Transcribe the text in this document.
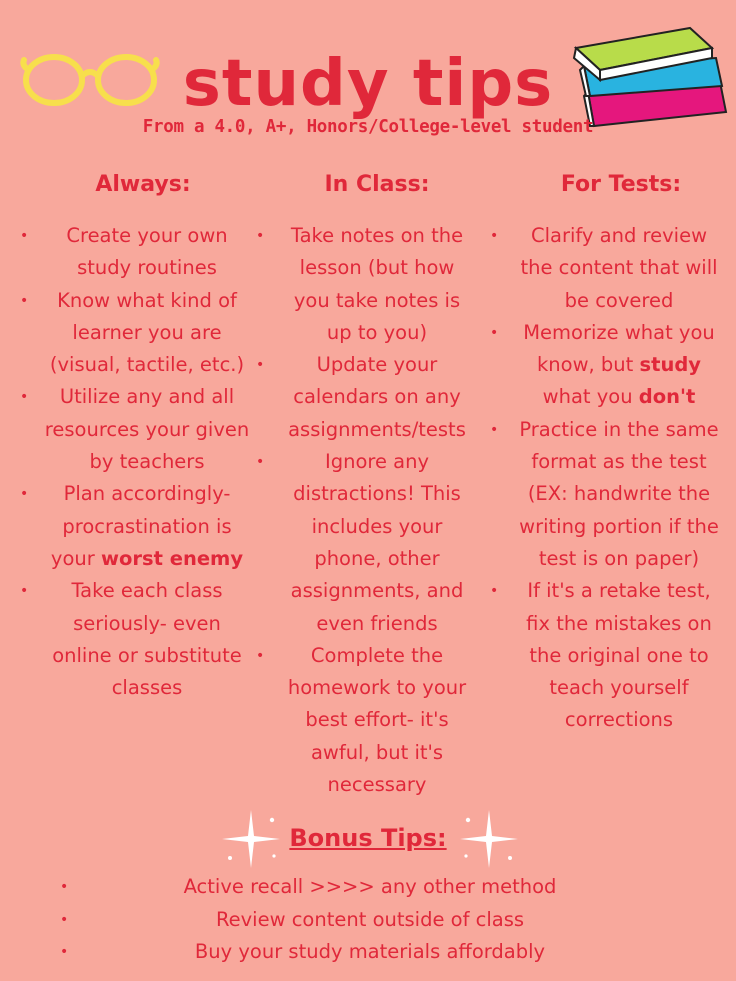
study tips
From a 4.0, A+, Honors/College-level student
Always:	In Class:	For Tests:
• Create your own study routines
• Know what kind of learner you are (visual, tactile, etc.)
• Utilize any and all resources your given by teachers
• Plan accordingly- procrastination is your worst enemy
• Take each class seriously- even online or substitute classes
• Take notes on the lesson (but how you take notes is up to you)
• Update your calendars on any assignments/tests
• Ignore any distractions! This includes your phone, other assignments, and even friends
• Complete the homework to your best effort- it's awful, but it's necessary
• Clarify and review the content that will be covered
• Memorize what you know, but study what you don't
• Practice in the same format as the test (EX: handwrite the writing portion if the test is on paper)
• If it's a retake test, fix the mistakes on the original one to teach yourself corrections
Bonus Tips:
• Active recall >>>> any other method
• Review content outside of class
• Buy your study materials affordably
